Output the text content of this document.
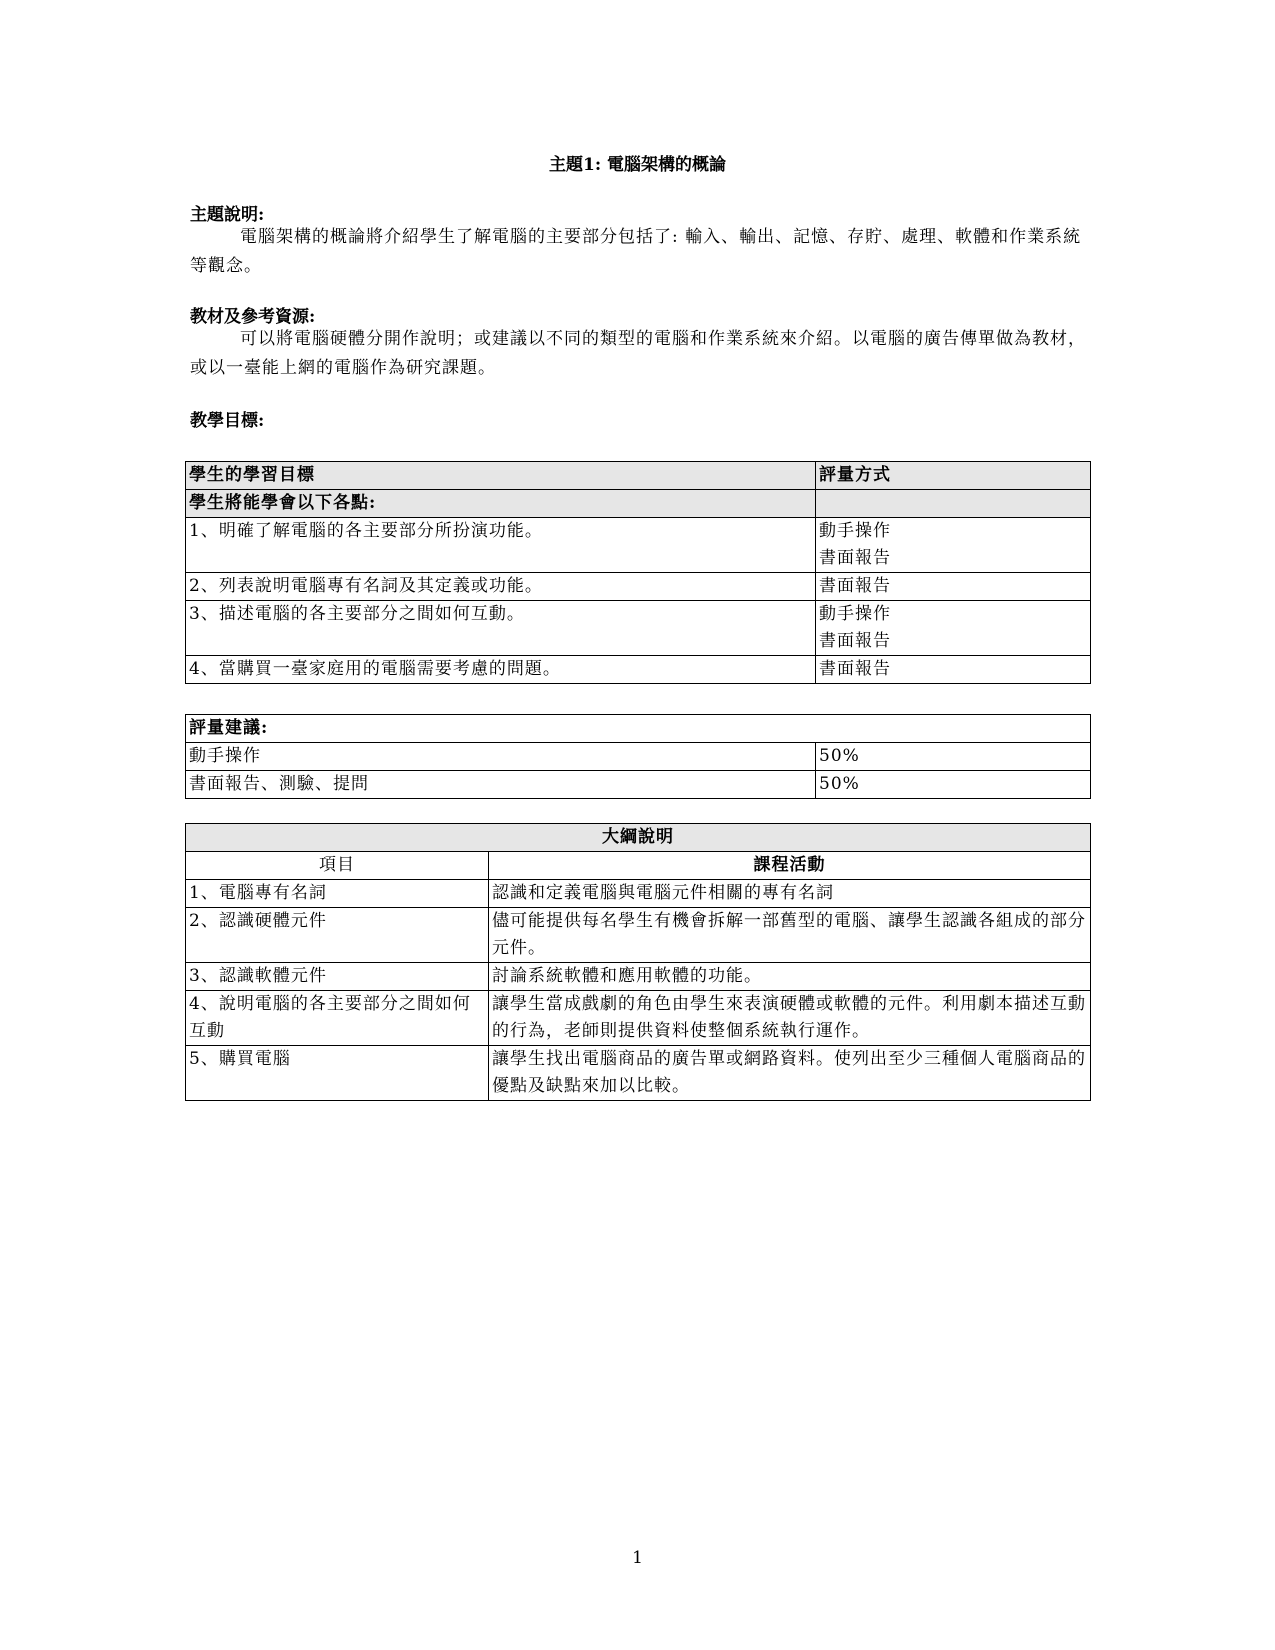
主題1: 電腦架構的概論
主題說明:
電腦架構的概論將介紹學生了解電腦的主要部分包括了: 輸入、輸出、記憶、存貯、處理、軟體和作業系統等觀念。
教材及參考資源:
可以將電腦硬體分開作說明；或建議以不同的類型的電腦和作業系統來介紹。以電腦的廣告傳單做為教材，或以一臺能上網的電腦作為研究課題。
教學目標:
學生的學習目標	評量方式
學生將能學會以下各點:	
1、明確了解電腦的各主要部分所扮演功能。	動手操作
書面報告

2、列表說明電腦專有名詞及其定義或功能。	書面報告

3、描述電腦的各主要部分之間如何互動。	動手操作
書面報告

4、當購買一臺家庭用的電腦需要考慮的問題。	書面報告
評量建議:	
動手操作	50%
書面報告、測驗、提問	50%
大綱說明	
項目	課程活動
1、電腦專有名詞	認識和定義電腦與電腦元件相關的專有名詞
2、認識硬體元件	儘可能提供每名學生有機會拆解一部舊型的電腦、讓學生認識各組成的部分元件。
3、認識軟體元件	討論系統軟體和應用軟體的功能。
4、說明電腦的各主要部分之間如何互動	讓學生當成戲劇的角色由學生來表演硬體或軟體的元件。利用劇本描述互動的行為，老師則提供資料使整個系統執行運作。
5、購買電腦	讓學生找出電腦商品的廣告單或網路資料。使列出至少三種個人電腦商品的優點及缺點來加以比較。
1
